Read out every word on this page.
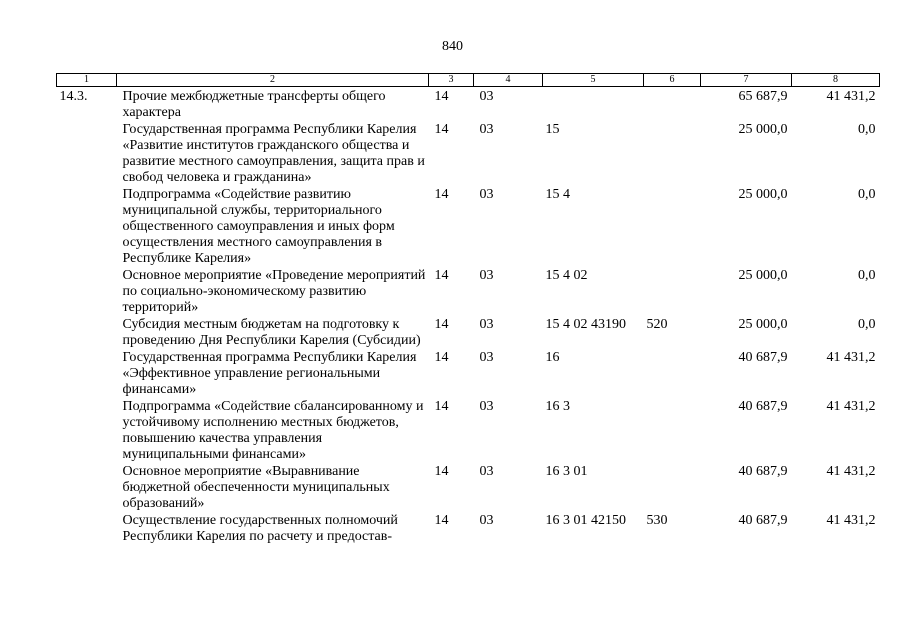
840
1	2	3	4	5	6	7	8
14.3.	Прочие межбюджетные трансферты общего характера	14	03			65 687,9	41 431,2
	Государственная программа Республики Карелия «Развитие институтов гражданского общества и развитие местного самоуправления, защита прав и свобод человека и гражданина»	14	03	15		25 000,0	0,0
	Подпрограмма «Содействие развитию муниципальной службы, территориального общественного самоуправления и иных форм осуществления местного самоуправления в Республике Карелия»	14	03	15 4		25 000,0	0,0
	Основное мероприятие «Проведение мероприятий по социально-экономическому развитию территорий»	14	03	15 4 02		25 000,0	0,0
	Субсидия местным бюджетам на подготовку к проведению Дня Республики Карелия (Субсидии)	14	03	15 4 02 43190	520	25 000,0	0,0
	Государственная программа Республики Карелия «Эффективное управление региональными финансами»	14	03	16		40 687,9	41 431,2
	Подпрограмма «Содействие сбалансированному и устойчивому исполнению местных бюджетов, повышению качества управления муниципальными финансами»	14	03	16 3		40 687,9	41 431,2
	Основное мероприятие «Выравнивание бюджетной обеспеченности муниципальных образований»	14	03	16 3 01		40 687,9	41 431,2
	Осуществление государственных полномочий Республики Карелия по расчету и предостав-	14	03	16 3 01 42150	530	40 687,9	41 431,2
